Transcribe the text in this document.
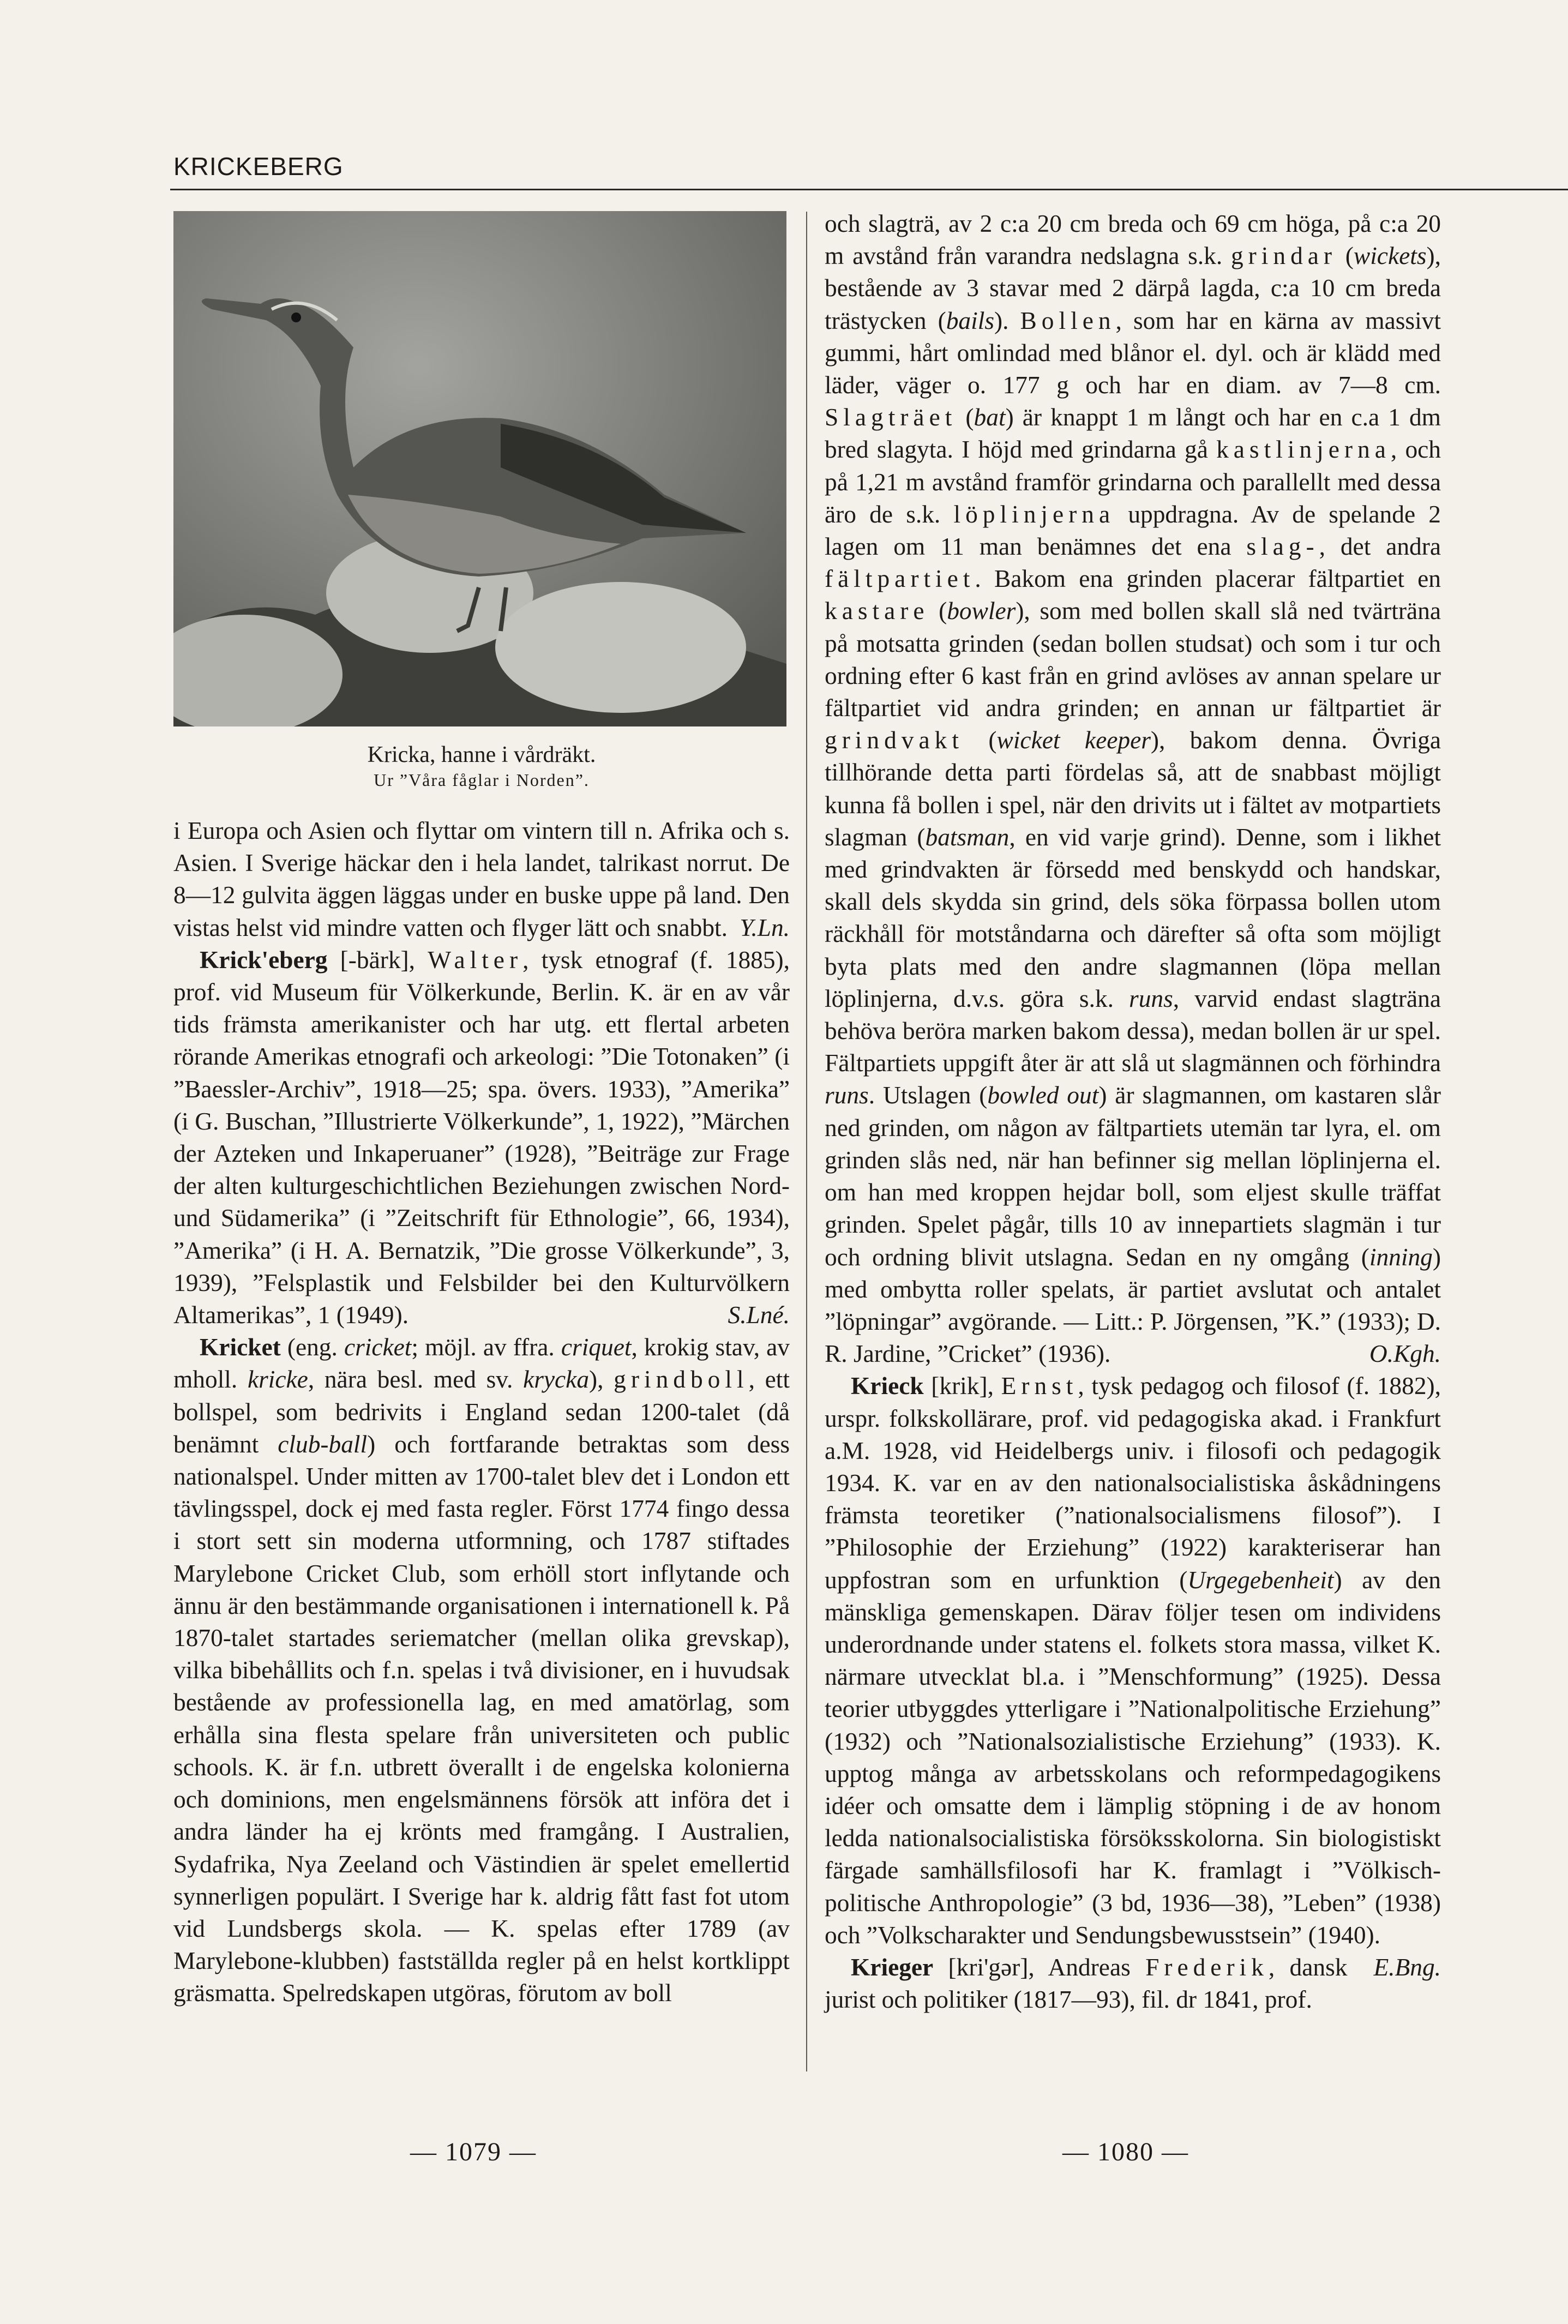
KRICKEBERG
Kricka, hanne i vårdräkt.
Ur ”Våra fåglar i Norden”.

i Europa och Asien och flyttar om vintern till n. Afrika och s. Asien. I Sverige häckar den i hela landet, talrikast norrut. De 8—12 gulvita äggen läggas under en buske uppe på land. Den vistas helst vid mindre vatten och flyger lätt och snabbt. Y.Ln.

Krick'eberg [-bärk], Walter, tysk etnograf (f. 1885), prof. vid Museum für Völkerkunde, Berlin. K. är en av vår tids främsta amerikanister och har utg. ett flertal arbeten rörande Amerikas etnografi och arkeologi: ”Die Totonaken” (i ”Baessler-Archiv”, 1918—25; spa. övers. 1933), ”Amerika” (i G. Buschan, ”Illustrierte Völkerkunde”, 1, 1922), ”Märchen der Azteken und Inkaperuaner” (1928), ”Beiträge zur Frage der alten kulturgeschichtlichen Beziehungen zwischen Nord- und Südamerika” (i ”Zeitschrift für Ethnologie”, 66, 1934), ”Amerika” (i H. A. Bernatzik, ”Die grosse Völkerkunde”, 3, 1939), ”Felsplastik und Felsbilder bei den Kulturvölkern Altamerikas”, 1 (1949).	S.Lné.

Kricket (eng. cricket; möjl. av ffra. criquet, krokig stav, av mholl. kricke, nära besl. med sv. krycka), grindboll, ett bollspel, som bedrivits i England sedan 1200-talet (då benämnt club-ball) och fortfarande betraktas som dess nationalspel. Under mitten av 1700-talet blev det i London ett tävlingsspel, dock ej med fasta regler. Först 1774 fingo dessa i stort sett sin moderna utformning, och 1787 stiftades Marylebone Cricket Club, som erhöll stort inflytande och ännu är den bestämmande organisationen i internationell k. På 1870-talet startades seriematcher (mellan olika grevskap), vilka bibehållits och f.n. spelas i två divisioner, en i huvudsak bestående av professionella lag, en med amatörlag, som erhålla sina flesta spelare från universiteten och public schools. K. är f.n. utbrett överallt i de engelska kolonierna och dominions, men engelsmännens försök att införa det i andra länder ha ej krönts med framgång. I Australien, Sydafrika, Nya Zeeland och Västindien är spelet emellertid synnerligen populärt. I Sverige har k. aldrig fått fast fot utom vid Lundsbergs skola. — K. spelas efter 1789 (av Marylebone-klubben) fastställda regler på en helst kortklippt gräsmatta. Spelredskapen utgöras, förutom av boll

och slagträ, av 2 c:a 20 cm breda och 69 cm höga, på c:a 20 m avstånd från varandra nedslagna s.k. grindar (wickets), bestående av 3 stavar med 2 därpå lagda, c:a 10 cm breda trästycken (bails). Bollen, som har en kärna av massivt gummi, hårt omlindad med blånor el. dyl. och är klädd med läder, väger o. 177 g och har en diam. av 7—8 cm. Slagträet (bat) är knappt 1 m långt och har en c.a 1 dm bred slagyta. I höjd med grindarna gå kastlinjerna, och på 1,21 m avstånd framför grindarna och parallellt med dessa äro de s.k. löplinjerna uppdragna. Av de spelande 2 lagen om 11 man benämnes det ena slag-, det andra fältpartiet. Bakom ena grinden placerar fältpartiet en kastare (bowler), som med bollen skall slå ned tvärträna på motsatta grinden (sedan bollen studsat) och som i tur och ordning efter 6 kast från en grind avlöses av annan spelare ur fältpartiet vid andra grinden; en annan ur fältpartiet är grindvakt (wicket keeper), bakom denna. Övriga tillhörande detta parti fördelas så, att de snabbast möjligt kunna få bollen i spel, när den drivits ut i fältet av motpartiets slagman (batsman, en vid varje grind). Denne, som i likhet med grindvakten är försedd med benskydd och handskar, skall dels skydda sin grind, dels söka förpassa bollen utom räckhåll för motståndarna och därefter så ofta som möjligt byta plats med den andre slagmannen (löpa mellan löplinjerna, d.v.s. göra s.k. runs, varvid endast slagträna behöva beröra marken bakom dessa), medan bollen är ur spel. Fältpartiets uppgift åter är att slå ut slagmännen och förhindra runs. Utslagen (bowled out) är slagmannen, om kastaren slår ned grinden, om någon av fältpartiets utemän tar lyra, el. om grinden slås ned, när han befinner sig mellan löplinjerna el. om han med kroppen hejdar boll, som eljest skulle träffat grinden. Spelet pågår, tills 10 av innepartiets slagmän i tur och ordning blivit utslagna. Sedan en ny omgång (inning) med ombytta roller spelats, är partiet avslutat och antalet ”löpningar” avgörande. — Litt.: P. Jörgensen, ”K.” (1933); D. R. Jardine, ”Cricket” (1936).	O.Kgh.

Krieck [krik], Ernst, tysk pedagog och filosof (f. 1882), urspr. folkskollärare, prof. vid pedagogiska akad. i Frankfurt a.M. 1928, vid Heidelbergs univ. i filosofi och pedagogik 1934. K. var en av den nationalsocialistiska åskådningens främsta teoretiker (”nationalsocialismens filosof”). I ”Philosophie der Erziehung” (1922) karakteriserar han uppfostran som en urfunktion (Urgegebenheit) av den mänskliga gemenskapen. Därav följer tesen om individens underordnande under statens el. folkets stora massa, vilket K. närmare utvecklat bl.a. i ”Menschformung” (1925). Dessa teorier utbyggdes ytterligare i ”Nationalpolitische Erziehung” (1932) och ”Nationalsozialistische Erziehung” (1933). K. upptog många av arbetsskolans och reformpedagogikens idéer och omsatte dem i lämplig stöpning i de av honom ledda nationalsocialistiska försöksskolorna. Sin biologistiskt färgade samhällsfilosofi har K. framlagt i ”Völkisch-politische Anthropologie” (3 bd, 1936—38), ”Leben” (1938) och ”Volkscharakter und Sendungsbewusstsein” (1940).
E.Bng.

Krieger [kri'gər], Andreas Frederik, dansk jurist och politiker (1817—93), fil. dr 1841, prof.

— 1079 —	— 1080 —
